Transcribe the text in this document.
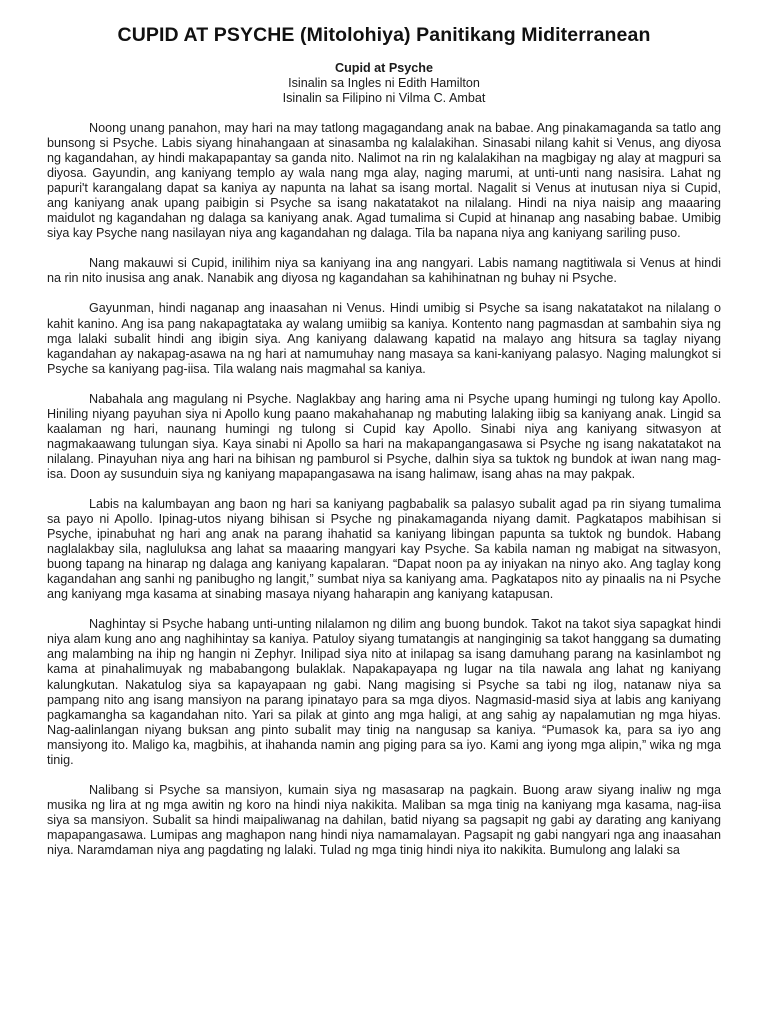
CUPID AT PSYCHE (Mitolohiya) Panitikang Miditerranean
Cupid at Psyche
Isinalin sa Ingles ni Edith Hamilton
Isinalin sa Filipino ni Vilma C. Ambat

Noong unang panahon, may hari na may tatlong magagandang anak na babae. Ang pinakamaganda sa tatlo ang bunsong si Psyche. Labis siyang hinahangaan at sinasamba ng kalalakihan. Sinasabi nilang kahit si Venus, ang diyosa ng kagandahan, ay hindi makapapantay sa ganda nito. Nalimot na rin ng kalalakihan na magbigay ng alay at magpuri sa diyosa. Gayundin, ang kaniyang templo ay wala nang mga alay, naging marumi, at unti-unti nang nasisira. Lahat ng papuri't karangalang dapat sa kaniya ay napunta na lahat sa isang mortal. Nagalit si Venus at inutusan niya si Cupid, ang kaniyang anak upang paibigin si Psyche sa isang nakatatakot na nilalang. Hindi na niya naisip ang maaaring maidulot ng kagandahan ng dalaga sa kaniyang anak. Agad tumalima si Cupid at hinanap ang nasabing babae. Umibig siya kay Psyche nang nasilayan niya ang kagandahan ng dalaga. Tila ba napana niya ang kaniyang sariling puso.

Nang makauwi si Cupid, inilihim niya sa kaniyang ina ang nangyari. Labis namang nagtitiwala si Venus at hindi na rin nito inusisa ang anak. Nanabik ang diyosa ng kagandahan sa kahihinatnan ng buhay ni Psyche.

Gayunman, hindi naganap ang inaasahan ni Venus. Hindi umibig si Psyche sa isang nakatatakot na nilalang o kahit kanino. Ang isa pang nakapagtataka ay walang umiibig sa kaniya. Kontento nang pagmasdan at sambahin siya ng mga lalaki subalit hindi ang ibigin siya. Ang kaniyang dalawang kapatid na malayo ang hitsura sa taglay niyang kagandahan ay nakapag-asawa na ng hari at namumuhay nang masaya sa kani-kaniyang palasyo. Naging malungkot si Psyche sa kaniyang pag-iisa. Tila walang nais magmahal sa kaniya.

Nabahala ang magulang ni Psyche. Naglakbay ang haring ama ni Psyche upang humingi ng tulong kay Apollo. Hiniling niyang payuhan siya ni Apollo kung paano makahahanap ng mabuting lalaking iibig sa kaniyang anak. Lingid sa kaalaman ng hari, naunang humingi ng tulong si Cupid kay Apollo. Sinabi niya ang kaniyang sitwasyon at nagmakaawang tulungan siya. Kaya sinabi ni Apollo sa hari na makapangangasawa si Psyche ng isang nakatatakot na nilalang. Pinayuhan niya ang hari na bihisan ng pamburol si Psyche, dalhin siya sa tuktok ng bundok at iwan nang mag-isa. Doon ay susunduin siya ng kaniyang mapapangasawa na isang halimaw, isang ahas na may pakpak.

Labis na kalumbayan ang baon ng hari sa kaniyang pagbabalik sa palasyo subalit agad pa rin siyang tumalima sa payo ni Apollo. Ipinag-utos niyang bihisan si Psyche ng pinakamaganda niyang damit. Pagkatapos mabihisan si Psyche, ipinabuhat ng hari ang anak na parang ihahatid sa kaniyang libingan papunta sa tuktok ng bundok. Habang naglalakbay sila, nagluluksa ang lahat sa maaaring mangyari kay Psyche. Sa kabila naman ng mabigat na sitwasyon, buong tapang na hinarap ng dalaga ang kaniyang kapalaran. “Dapat noon pa ay iniyakan na ninyo ako. Ang taglay kong kagandahan ang sanhi ng panibugho ng langit,” sumbat niya sa kaniyang ama. Pagkatapos nito ay pinaalis na ni Psyche ang kaniyang mga kasama at sinabing masaya niyang haharapin ang kaniyang katapusan.

Naghintay si Psyche habang unti-unting nilalamon ng dilim ang buong bundok. Takot na takot siya sapagkat hindi niya alam kung ano ang naghihintay sa kaniya. Patuloy siyang tumatangis at nanginginig sa takot hanggang sa dumating ang malambing na ihip ng hangin ni Zephyr. Inilipad siya nito at inilapag sa isang damuhang parang na kasinlambot ng kama at pinahalimuyak ng mababangong bulaklak. Napakapayapa ng lugar na tila nawala ang lahat ng kaniyang kalungkutan. Nakatulog siya sa kapayapaan ng gabi. Nang magising si Psyche sa tabi ng ilog, natanaw niya sa pampang nito ang isang mansiyon na parang ipinatayo para sa mga diyos. Nagmasid-masid siya at labis ang kaniyang pagkamangha sa kagandahan nito. Yari sa pilak at ginto ang mga haligi, at ang sahig ay napalamutian ng mga hiyas. Nag-aalinlangan niyang buksan ang pinto subalit may tinig na nangusap sa kaniya. “Pumasok ka, para sa iyo ang mansiyong ito. Maligo ka, magbihis, at ihahanda namin ang piging para sa iyo. Kami ang iyong mga alipin,” wika ng mga tinig.

Nalibang si Psyche sa mansiyon, kumain siya ng masasarap na pagkain. Buong araw siyang inaliw ng mga musika ng lira at ng mga awitin ng koro na hindi niya nakikita. Maliban sa mga tinig na kaniyang mga kasama, nag-iisa siya sa mansiyon. Subalit sa hindi maipaliwanag na dahilan, batid niyang sa pagsapit ng gabi ay darating ang kaniyang mapapangasawa. Lumipas ang maghapon nang hindi niya namamalayan. Pagsapit ng gabi nangyari nga ang inaasahan niya. Naramdaman niya ang pagdating ng lalaki. Tulad ng mga tinig hindi niya ito nakikita. Bumulong ang lalaki sa
